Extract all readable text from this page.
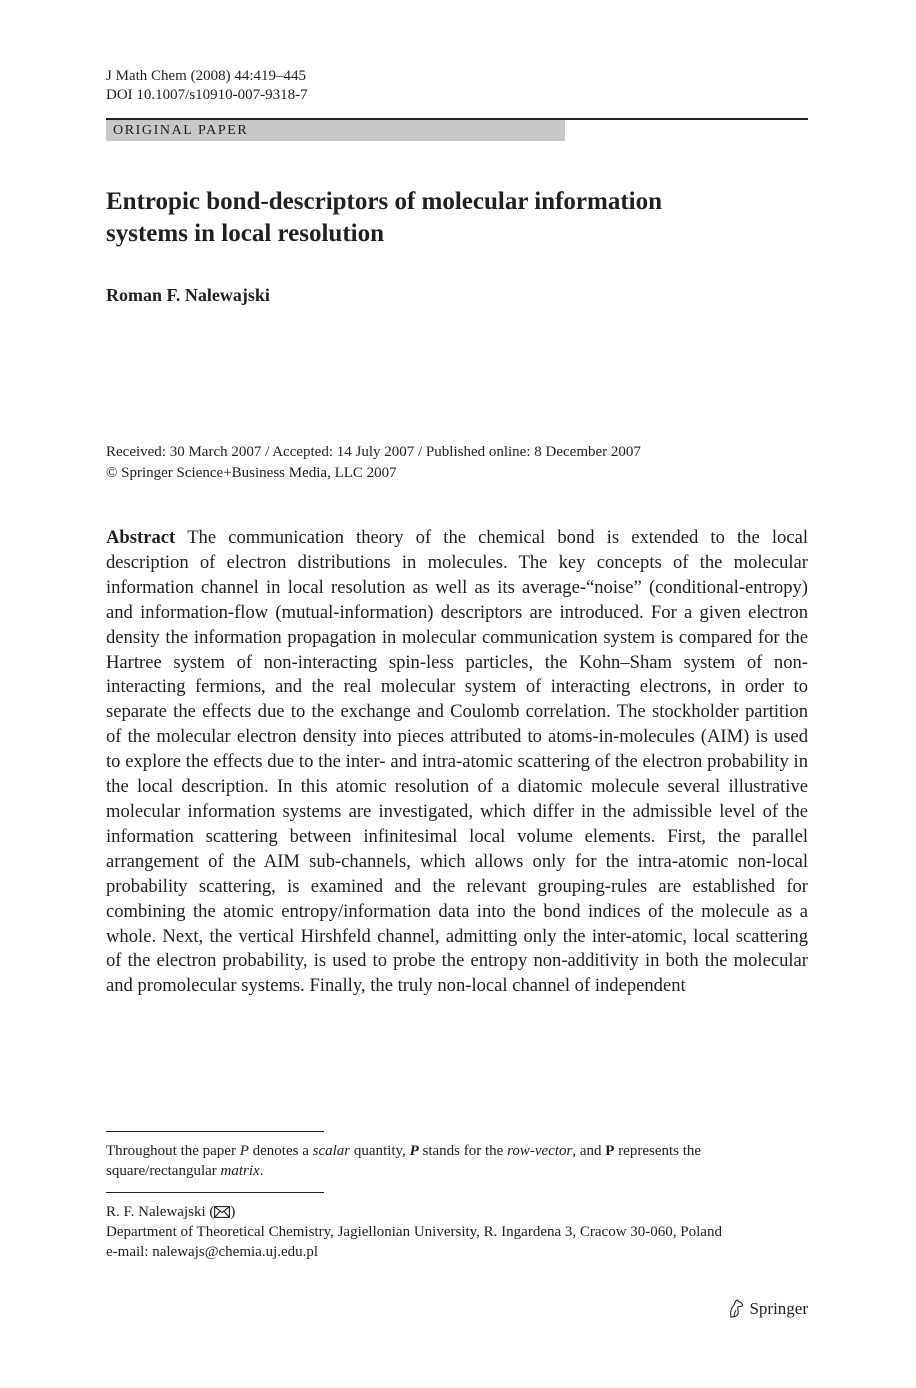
J Math Chem (2008) 44:419–445
DOI 10.1007/s10910-007-9318-7
ORIGINAL PAPER
Entropic bond-descriptors of molecular information
systems in local resolution
Roman F. Nalewajski
Received: 30 March 2007 / Accepted: 14 July 2007 / Published online: 8 December 2007
© Springer Science+Business Media, LLC 2007

Abstract The communication theory of the chemical bond is extended to the local description of electron distributions in molecules. The key concepts of the molecular information channel in local resolution as well as its average-“noise” (conditional-entropy) and information-flow (mutual-information) descriptors are introduced. For a given electron density the information propagation in molecular communication system is compared for the Hartree system of non-interacting spin-less particles, the Kohn–Sham system of non-interacting fermions, and the real molecular system of interacting electrons, in order to separate the effects due to the exchange and Coulomb correlation. The stockholder partition of the molecular electron density into pieces attributed to atoms-in-molecules (AIM) is used to explore the effects due to the inter- and intra-atomic scattering of the electron probability in the local description. In this atomic resolution of a diatomic molecule several illustrative molecular information systems are investigated, which differ in the admissible level of the information scattering between infinitesimal local volume elements. First, the parallel arrangement of the AIM sub-channels, which allows only for the intra-atomic non-local probability scattering, is examined and the relevant grouping-rules are established for combining the atomic entropy/information data into the bond indices of the molecule as a whole. Next, the vertical Hirshfeld channel, admitting only the inter-atomic, local scattering of the electron probability, is used to probe the entropy non-additivity in both the molecular and promolecular systems. Finally, the truly non-local channel of independent

Throughout the paper P denotes a scalar quantity, P stands for the row-vector, and P represents the square/rectangular matrix.
R. F. Nalewajski ( )
Department of Theoretical Chemistry, Jagiellonian University, R. Ingardena 3, Cracow 30-060, Poland
e-mail: nalewajs@chemia.uj.edu.pl
Springer
